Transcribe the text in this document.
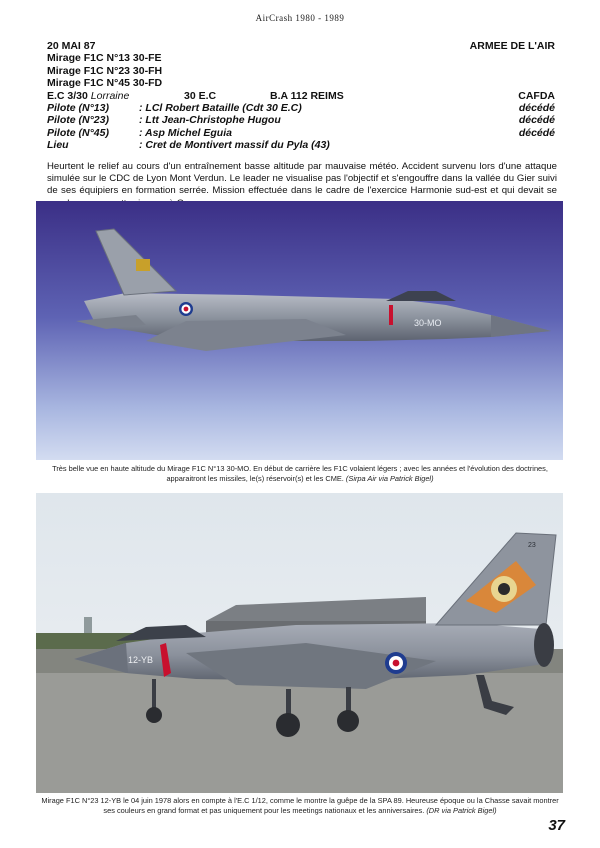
AirCrash 1980 - 1989
20 MAI 87	ARMEE DE L'AIR
Mirage F1C N°13 30-FE
Mirage F1C N°23 30-FH
Mirage F1C N°45 30-FD
E.C 3/30 Lorraine	30 E.C	B.A 112 REIMS	CAFDA
Pilote (N°13)	: LCl Robert Bataille (Cdt 30 E.C)	décédé
Pilote (N°23)	: Ltt Jean-Christophe Hugou	décédé
Pilote (N°45)	: Asp Michel Eguia	décédé
Lieu	: Cret de Montivert massif du Pyla (43)
Heurtent le relief au cours d'un entraînement basse altitude par mauvaise météo. Accident survenu lors d'une attaque simulée sur le CDC de Lyon Mont Verdun. Le leader ne visualise pas l'objectif et s'engouffre dans la vallée du Gier suivi de ses équipiers en formation serrée. Mission effectuée dans le cadre de l'exercice Harmonie sud-est et qui devait se
30-MO
Très belle vue en haute altitude du Mirage F1C N°13 30-MO. En début de carrière les F1C volaient légers ; avec les années et l'évolution des doctrines, apparaitront les missiles, le(s) réservoir(s) et les CME. (Sirpa Air via Patrick Bigel)
12-YB
23
Mirage F1C N°23 12-YB le 04 juin 1978 alors en compte à l'E.C 1/12, comme le montre la guêpe de la SPA 89. Heureuse époque ou la Chasse savait montrer ses couleurs en grand format et pas uniquement pour les meetings nationaux et les anniversaires. (DR via Patrick Bigel)
37
